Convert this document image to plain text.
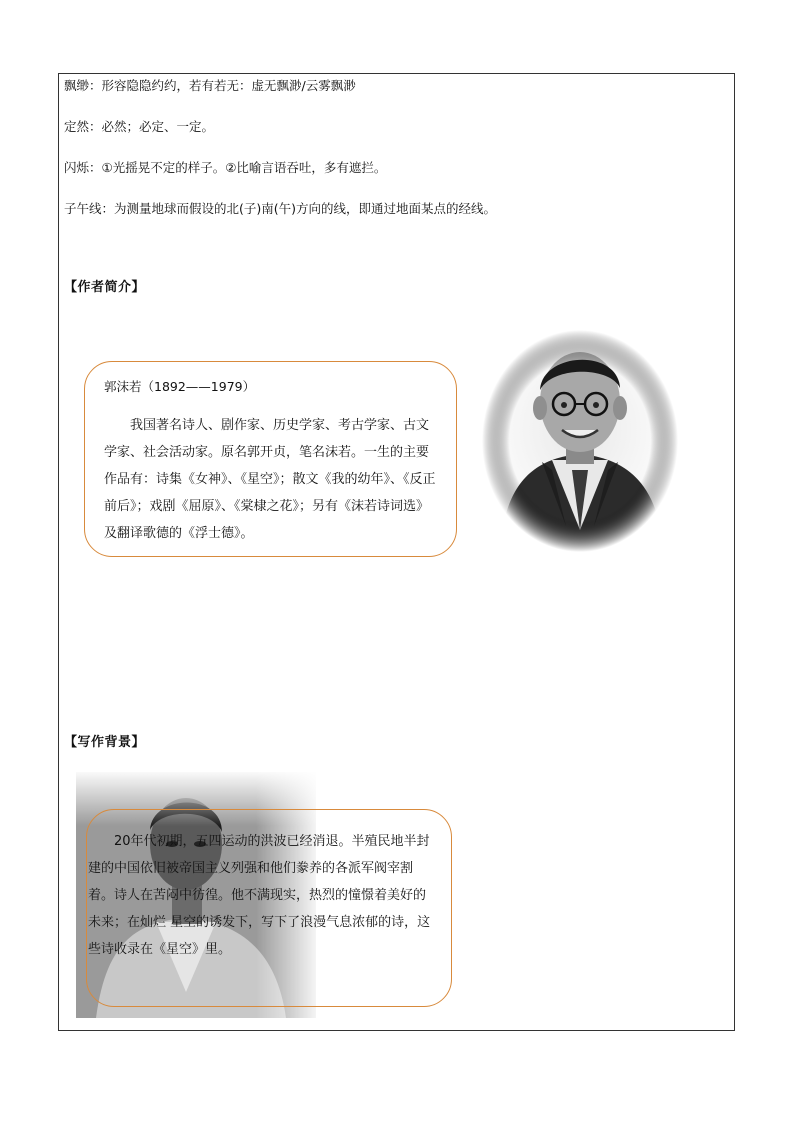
飘缈：形容隐隐约约，若有若无：虚无飘渺/云雾飘渺
定然：必然；必定、一定。
闪烁：①光摇晃不定的样子。②比喻言语吞吐，多有遮拦。
子午线：为测量地球而假设的北(子)南(午)方向的线，即通过地面某点的经线。
【作者简介】
郭沫若（1892——1979）

我国著名诗人、剧作家、历史学家、考古学家、古文学家、社会活动家。原名郭开贞，笔名沫若。一生的主要作品有：诗集《女神》、《星空》；散文《我的幼年》、《反正前后》；戏剧《屈原》、《棠棣之花》；另有《沫若诗词选》及翻译歌德的《浮士德》。

【写作背景】

20年代初期，五四运动的洪波已经消退。半殖民地半封建的中国依旧被帝国主义列强和他们豢养的各派军阀宰割着。诗人在苦闷中彷徨。他不满现实，热烈的憧憬着美好的未来；在灿烂 星空的诱发下，写下了浪漫气息浓郁的诗，这些诗收录在《星空》里。
